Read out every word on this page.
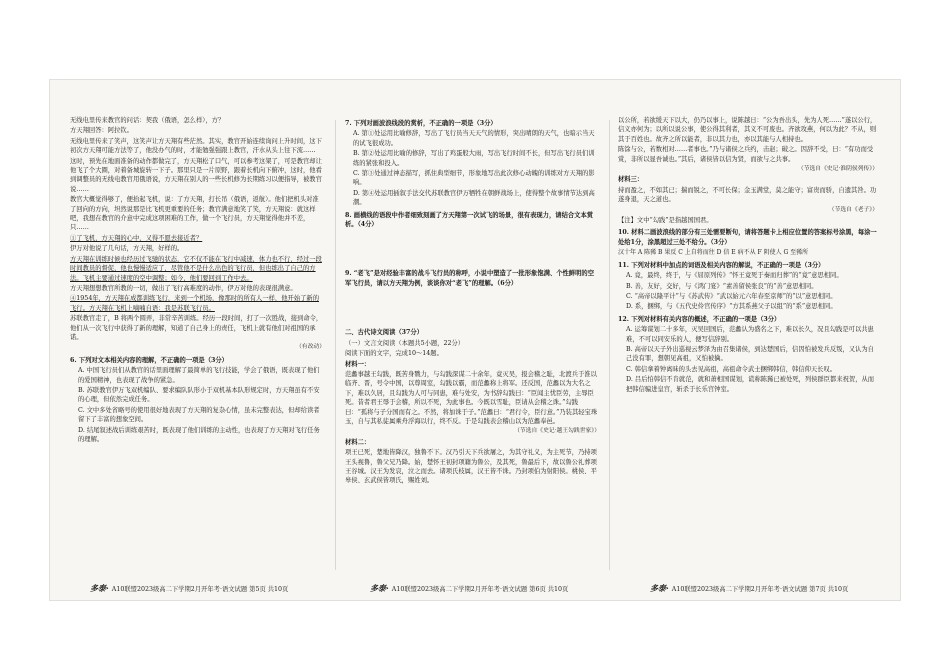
无线电里传来教官的问话：契我（俄语，怎么样），方？

方天翔回答：阿拉钦。

无线电里传来了笑声，这笑声让方天翔有些茫然。其实，教官开始连续询问上升时间，这下初次方天翔可能方法等了，他没办气的时，才能勉强强跟上教官，汗水从头上往下流……

这时，预先在地面准备的动作都做完了，方天翔松了口气，可以参考这架了，可是教官却让他飞了个大圈，对着备城旋转一下子。那里只是一片原野，跟着长机向下俯冲，这时，他看到调整员的无线电教官用俄语说，方天翔在别人的一些长机修为长期练习以便指导，被教官说……

教官大概觉得够了，便抬起飞机，说：了方天翔，打长吊（俄语，返航）。他们把机头对准了回向的方向，坦然说那是比飞机更重要的任务；教官满意地笑了笑，方天翔说：就这样吧，我想在教官的介意中完成这项困难的工作，做一个飞行员，方天翔觉得他并不差，只……

①了飞机，方天翔的心中，又得不愿去接近者？

伊万对他说了几句话，方天翔，好样的。

方天翔在训练时候也经历过飞驰的状态，它不仅不能在飞行中减速，体力也不行，经过一段时间教员的督促，他也慢慢适应了，尽管他不是什么出色的飞行员，但也练出了自己的方法。飞机主要通过速度的空中调整；如今，他们要回到工作中去。

方天翔想想教官所教的一切，做出了飞行高难度的动作，伊万对他的表现很满意。

④1954年，方天翔在成都训练飞行，来到一个机场，像那时的所有人一样，他开始了新的飞行。方天翔在飞机上喃喃自语：我是苏联飞行员。

苏联教官走了，B 将两个圆弄，非常辛苦训练。经历一段时间，打了一次胜战，接到命令，他们从一次飞行中获得了新的理解，知道了自己身上的责任，飞机上就有他们对祖国的承诺。

（有改动）

6. 下列对文本相关内容的理解，不正确的一项是（3分）

A. 中国飞行员们从教官的话里面理解了最简单的飞行技能，学会了俄语，既表现了他们的爱国精神，也表现了战争的紧急。

B. 苏联教官伊万飞双机编队、要求编队队形小于双机基本队形规定时，方天翔虽有不安的心理，但依然完成任务。

C. 文中多处省略号的使用很好地表现了方天翔的复杂心情，虽未完整表达，但却给读者留下了丰富的想象空间。

D. 结尾叙述战后训练艰苦时，既表现了他们训练的主动性，也表现了方天翔对飞行任务的理解。

7. 下列对画波浪线段的赏析，不正确的一项是（3分）

A. 第①处运用比喻修辞，写出了飞行员当天天气的情形，突出晴朗的天气，也暗示当天的试飞很成功。

B. 第②处运用比喻的修辞，写出了鸡蛋般大雨，写出飞行时间不长，但写出飞行员们训练的紧张和投入。

C. 第③处通过神态描写，抓住典型细节，形象地写出此次修心动魄的训练对方天翔的影响。

D. 第④处运用插叙手法交代苏联教官伊万牺牲在朝鲜战场上，使得整个故事情节达到高潮。

8. 画横线的语段中作者细致刻画了方天翔第一次试飞的场景，很有表现力，请结合文本赏析。（4分）

9. “老飞”是对经验丰富的战斗飞行员的称呼，小说中塑造了一批形象饱满、个性鲜明的空军飞行员，请以方天翔为例，谈谈你对“老飞”的理解。（6分）

二、古代诗文阅读（37分）

（一）文言文阅读（本题共5小题，22分）

阅读下面的文字，完成10～14题。

材料一：

范蠡事越王勾践，既苦身戮力，与勾践深谋二十余年，竟灭吴，报会稽之耻，北渡兵于淮以临齐、晋，号令中国，以尊周室，勾践以霸，而范蠡称上将军。还反国，范蠡以为大名之下，难以久居，且勾践为人可与同患，难与处安，为书辞勾践曰：“臣闻主忧臣劳，主辱臣死。昔者君王辱于会稽，所以不死，为此事也。今既以雪耻，臣请从会稽之诛。”勾践曰：“孤将与子分国而有之。不然，将加诛于子。”范蠡曰：“君行令，臣行意。”乃装其轻宝珠玉，自与其私徒属乘舟浮海以行，终不反。于是勾践表会稽山以为范蠡奉邑。

（节选自《史记·越王勾践世家》）

材料二：

项王已死，楚地皆降汉，独鲁不下。汉乃引天下兵欲屠之，为其守礼义，为主死节，乃持项王头视鲁，鲁父兄乃降。始，楚怀王初封项籍为鲁公，及其死，鲁最后下，故以鲁公礼葬项王谷城。汉王为发哀，泣之而去。诸项氏枝属，汉王皆不诛。乃封项伯为射阳侯。桃侯、平皋侯、玄武侯皆项氏，赐姓刘。

以公所，若欲缓天下以大，仍乃以事上，说陈越日：“公为吾出头，先为人死……”遂以公行，信义亦何为；以所以说公事，使公得其利者，其义不可废也。齐欲攻燕，何以为此？不从，则其于百姓也。故齐之所以能者，非以其力也，亦以其能与人相持也。

陈馀与公，若数相对……者事也。”乃与诸侯之兵约，击赵；破之。因辞不受，曰：“有功而受赏，非所以显吾诚也。”其后，诸侯皆以信为贤，而欲与之共事。

（节选自《史记·淮阴侯列传》）

材料三：

持而盈之，不如其已；揣而锐之，不可长保；金玉满堂，莫之能守；富贵而骄，自遗其咎。功遂身退，天之道也。

（节选自《老子》）

【注】文中“勾践”是指越国国君。

10. 材料二画波浪线的部分有三处需要断句，请将答题卡上相应位置的答案标号涂黑，每涂一处给1分，涂黑超过三处不给分。（3分）

汉十年 A 陈豨 B 果反 C 上自将而往 D 信 E 病不从 F 阴使人 G 至豨所

11. 下列对材料中加点的词语及相关内容的解说，不正确的一项是（3分）

A. 竟，最终，终于，与《屈原列传》“怀王竟死于秦而归葬”的“竟”意思相同。

B. 善，友好，交好，与《鸿门宴》“素善留侯张良”的“善”意思相同。

C. “高帝以隆平计”与《苏武传》“武以始元六年春至京师”的“以”意思相同。

D. 系，捆绑，与《五代史伶官传序》“方其系燕父子以组”的“系”意思相同。

12. 下列对材料有关内容的概述，不正确的一项是（3分）

A. 运筹谋划二十多年，灭吴回国后，范蠡认为盛名之下，难以长久，况且勾践是可以共患难，不可以同安乐的人，便写信辞别。

B. 高帝以天子外出巡视云梦泽为由召集诸侯，到达楚国后，信因怕被发兵反叛，又认为自己没有罪，想朝见高祖，又怕被擒。

C. 韩信拿着钟离昧的头去见高祖，高祖命令武士捆绑韩信，韩信仰天长叹。

D. 吕后怕韩信不肯就范，就和萧相国谋划，谎称陈豨已被处死，列侯群臣都来祝贺，从而把韩信骗进皇宫，斩杀于长乐宫钟室。

多泰· A10联盟2023级高二下学期2月开年考·语文试题 第5页 共10页	多泰· A10联盟2023级高二下学期2月开年考·语文试题 第6页 共10页	多泰· A10联盟2023级高二下学期2月开年考·语文试题 第7页 共10页
